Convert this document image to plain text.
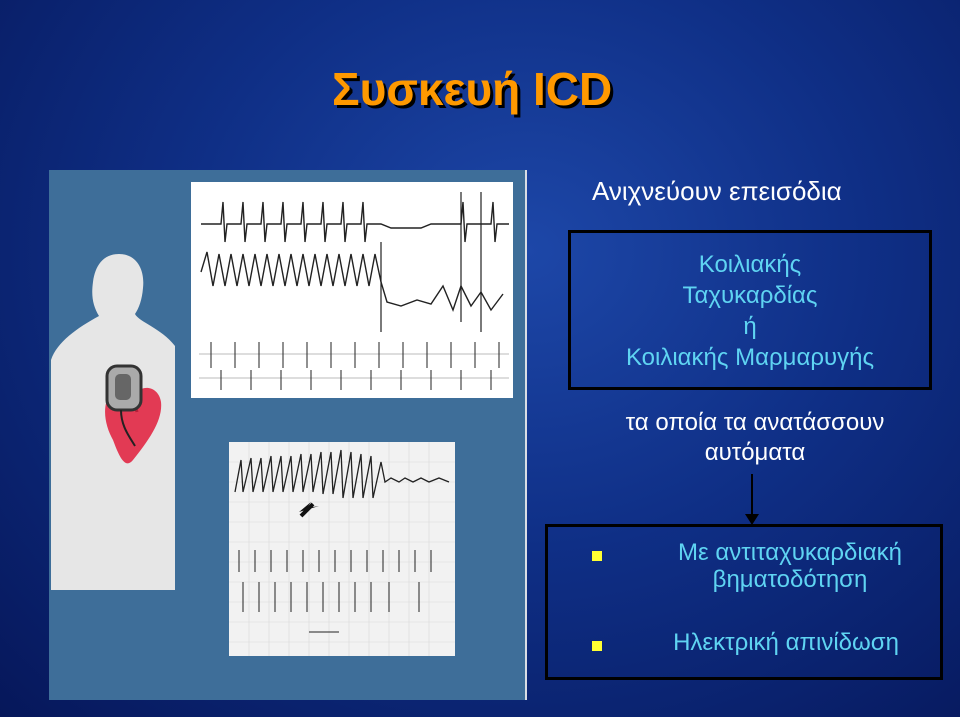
Συσκευή ICD
Ανιχνεύουν επεισόδια
Κοιλιακής
Ταχυκαρδίας
ή
Κοιλιακής Μαρμαρυγής
τα οποία τα ανατάσσουν
αυτόματα
Με αντιταχυκαρδιακή
βηματοδότηση
Ηλεκτρική απινίδωση
